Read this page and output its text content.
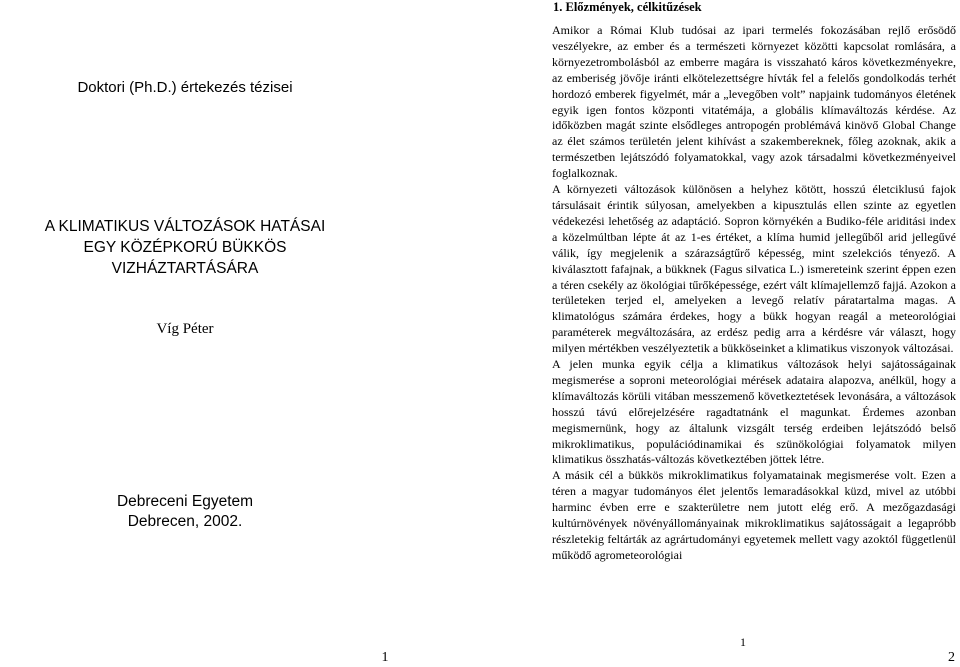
Doktori (Ph.D.) értekezés tézisei
A KLIMATIKUS VÁLTOZÁSOK HATÁSAI
EGY KÖZÉPKORÚ BÜKKÖS
VIZHÁZTARTÁSÁRA
Víg Péter
Debreceni Egyetem
Debrecen, 2002.
1
1. Előzmények, célkitűzések

Amikor a Római Klub tudósai az ipari termelés fokozásában rejlő erősödő veszélyekre, az ember és a természeti környezet közötti kapcsolat romlására, a környezetrombolásból az emberre magára is visszaható káros következményekre, az emberiség jövője iránti elkötelezettségre hívták fel a felelős gondolkodás terhét hordozó emberek figyelmét, már a „levegőben volt” napjaink tudományos életének egyik igen fontos központi vitatémája, a globális klímaváltozás kérdése. Az időközben magát szinte elsődleges antropogén problémává kinövő Global Change az élet számos területén jelent kihívást a szakembereknek, főleg azoknak, akik a természetben lejátszódó folyamatokkal, vagy azok társadalmi következményeivel foglalkoznak.

A környezeti változások különösen a helyhez kötött, hosszú életciklusú fajok társulásait érintik súlyosan, amelyekben a kipusztulás ellen szinte az egyetlen védekezési lehetőség az adaptáció. Sopron környékén a Budiko-féle ariditási index a közelmúltban lépte át az 1-es értéket, a klíma humid jellegűből arid jellegűvé válik, így megjelenik a szárazságtűrő képesség, mint szelekciós tényező. A kiválasztott fafajnak, a bükknek (Fagus silvatica L.) ismereteink szerint éppen ezen a téren csekély az ökológiai tűrőképessége, ezért vált klímajellemző fajjá. Azokon a területeken terjed el, amelyeken a levegő relatív páratartalma magas. A klimatológus számára érdekes, hogy a bükk hogyan reagál a meteorológiai paraméterek megváltozására, az erdész pedig arra a kérdésre vár választ, hogy milyen mértékben veszélyeztetik a bükköseinket a klimatikus viszonyok változásai.

A jelen munka egyik célja a klimatikus változások helyi sajátosságainak megismerése a soproni meteorológiai mérések adataira alapozva, anélkül, hogy a klímaváltozás körüli vitában messzemenő következtetések levonására, a változások hosszú távú előrejelzésére ragadtatnánk el magunkat. Érdemes azonban megismernünk, hogy az általunk vizsgált terség erdeiben lejátszódó belső mikroklimatikus, populációdinamikai és szünökológiai folyamatok milyen klimatikus összhatás-változás következtében jöttek létre.

A másik cél a bükkös mikroklimatikus folyamatainak megismerése volt. Ezen a téren a magyar tudományos élet jelentős lemaradásokkal küzd, mivel az utóbbi harminc évben erre e szakterületre nem jutott elég erő. A mezőgazdasági kultúrnövények növényállományainak mikroklimatikus sajátosságait a legapróbb részletekig feltárták az agrártudományi egyetemek mellett vagy azoktól függetlenül működő agrometeorológiai

1
2
